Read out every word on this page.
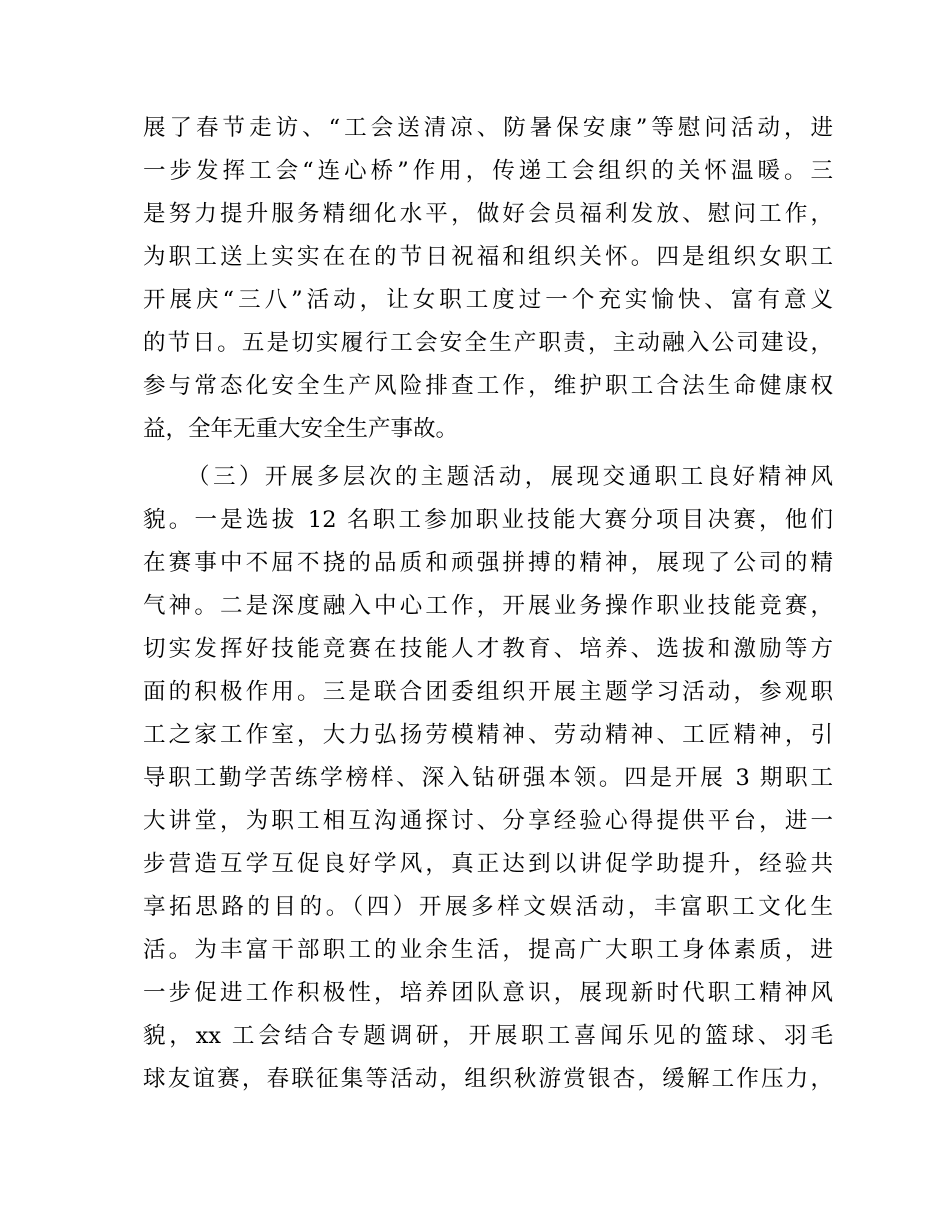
展了春节走访、“工会送清凉、防暑保安康”等慰问活动，进
一步发挥工会“连心桥”作用，传递工会组织的关怀温暖。三
是努力提升服务精细化水平，做好会员福利发放、慰问工作，
为职工送上实实在在的节日祝福和组织关怀。四是组织女职工
开展庆“三八”活动，让女职工度过一个充实愉快、富有意义
的节日。五是切实履行工会安全生产职责，主动融入公司建设，
参与常态化安全生产风险排查工作，维护职工合法生命健康权
益，全年无重大安全生产事故。
（三）开展多层次的主题活动，展现交通职工良好精神风
貌。一是选拔 12 名职工参加职业技能大赛分项目决赛，他们
在赛事中不屈不挠的品质和顽强拼搏的精神，展现了公司的精
气神。二是深度融入中心工作，开展业务操作职业技能竞赛，
切实发挥好技能竞赛在技能人才教育、培养、选拔和激励等方
面的积极作用。三是联合团委组织开展主题学习活动，参观职
工之家工作室，大力弘扬劳模精神、劳动精神、工匠精神，引
导职工勤学苦练学榜样、深入钻研强本领。四是开展 3 期职工
大讲堂，为职工相互沟通探讨、分享经验心得提供平台，进一
步营造互学互促良好学风，真正达到以讲促学助提升，经验共
享拓思路的目的。（四）开展多样文娱活动，丰富职工文化生
活。为丰富干部职工的业余生活，提高广大职工身体素质，进
一步促进工作积极性，培养团队意识，展现新时代职工精神风
貌，xx 工会结合专题调研，开展职工喜闻乐见的篮球、羽毛
球友谊赛，春联征集等活动，组织秋游赏银杏，缓解工作压力，
